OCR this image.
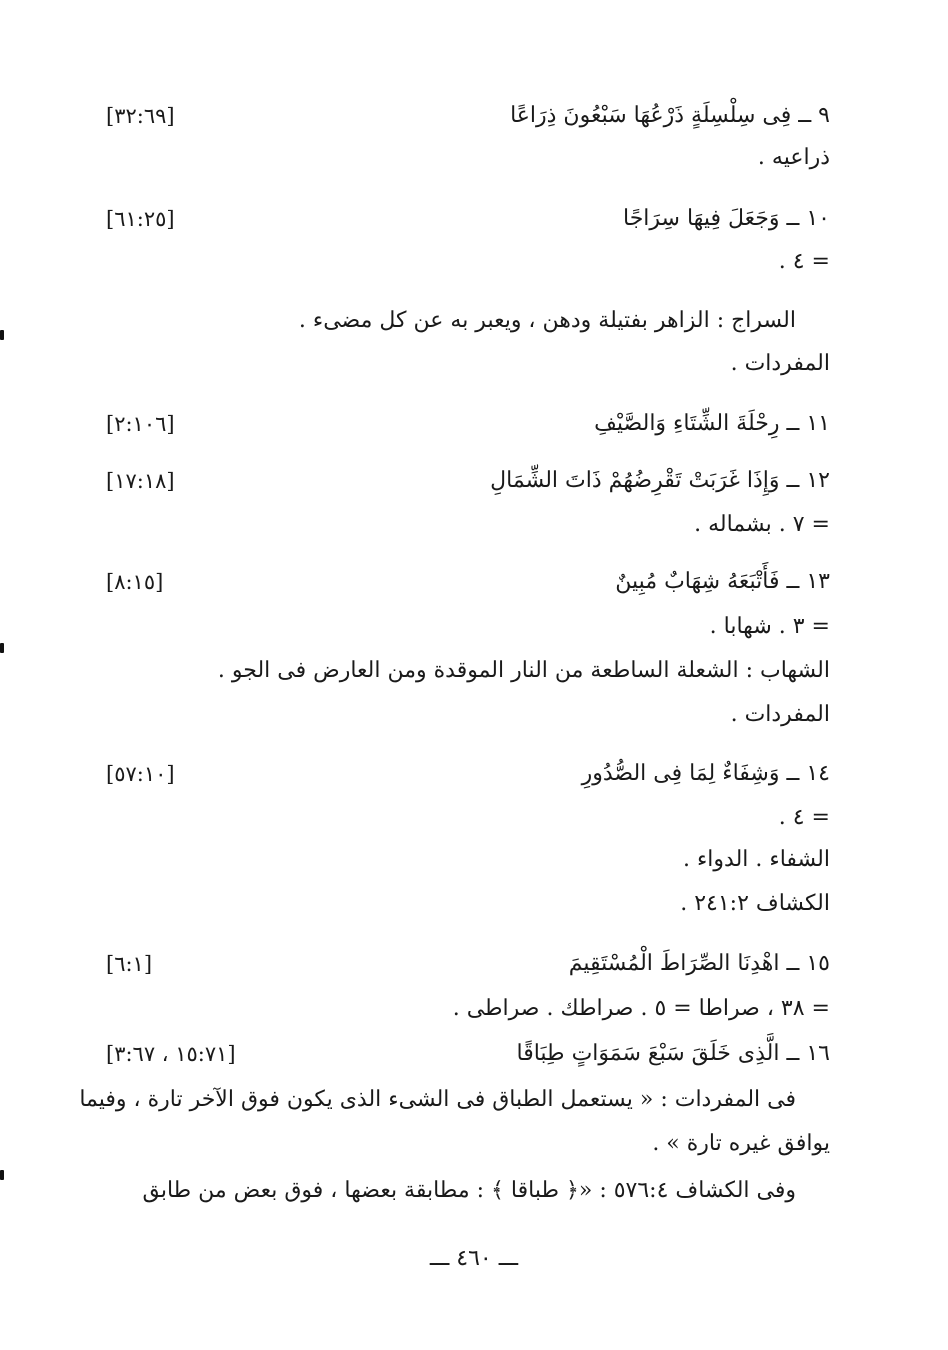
٩ ــ فِى سِلْسِلَةٍ ذَرْعُهَا سَبْعُونَ ذِرَاعًا
[٣٢:٦٩]
ذراعيه .
١٠ ــ وَجَعَلَ فِيهَا سِرَاجًا
[٦١:٢٥]
= ٤ .
السراج : الزاهر بفتيلة ودهن ، ويعبر به عن كل مضىء .
المفردات .
١١ ــ رِحْلَةَ الشِّتَاءِ وَالصَّيْفِ
[٢:١٠٦]
١٢ ــ وَإِذَا غَرَبَتْ تَقْرِضُهُمْ ذَاتَ الشِّمَالِ
[١٧:١٨]
= ٧ . بشماله .
١٣ ــ فَأَتْبَعَهُ شِهَابٌ مُبِينٌ
[٨:١٥]
= ٣ . شهابا .
الشهاب : الشعلة الساطعة من النار الموقدة ومن العارض فى الجو .
المفردات .
١٤ ــ وَشِفَاءٌ لِمَا فِى الصُّدُورِ
[٥٧:١٠]
= ٤ .
الشفاء . الدواء .
الكشاف ٢٤١:٢ .
١٥ ــ اهْدِنَا الصِّرَاطَ الْمُسْتَقِيمَ
[٦:١]
= ٣٨ ، صراطا = ٥ . صراطك . صراطى .
١٦ ــ الَّذِى خَلَقَ سَبْعَ سَمَوَاتٍ طِبَاقًا
[٣:٦٧ ، ١٥:٧١]
فى المفردات : « يستعمل الطباق فى الشىء الذى يكون فوق الآخر تارة ، وفيما
يوافق غيره تارة » .
وفى الكشاف ٥٧٦:٤ : «﴿ طباقا ﴾ : مطابقة بعضها ، فوق بعض من طابق
ـــ ٤٦٠ ـــ
